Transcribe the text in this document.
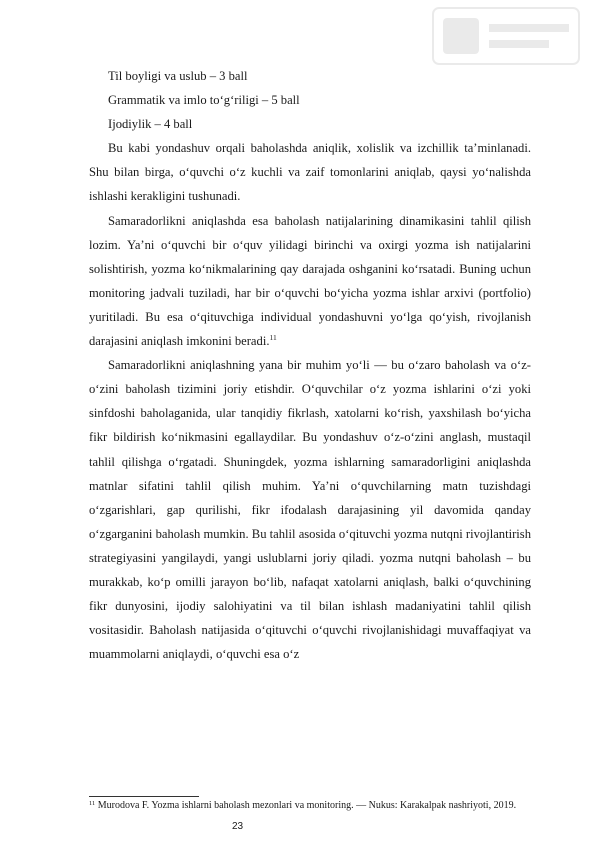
Til boyligi va uslub – 3 ball
Grammatik va imlo to‘g‘riligi – 5 ball
Ijodiylik – 4 ball

Bu kabi yondashuv orqali baholashda aniqlik, xolislik va izchillik ta’minlanadi. Shu bilan birga, o‘quvchi o‘z kuchli va zaif tomonlarini aniqlab, qaysi yo‘nalishda ishlashi kerakligini tushunadi.

Samaradorlikni aniqlashda esa baholash natijalarining dinamikasini tahlil qilish lozim. Ya’ni o‘quvchi bir o‘quv yilidagi birinchi va oxirgi yozma ish natijalarini solishtirish, yozma ko‘nikmalarining qay darajada oshganini ko‘rsatadi. Buning uchun monitoring jadvali tuziladi, har bir o‘quvchi bo‘yicha yozma ishlar arxivi (portfolio) yuritiladi. Bu esa o‘qituvchiga individual yondashuvni yo‘lga qo‘yish, rivojlanish darajasini aniqlash imkonini beradi.$^{11}$

Samaradorlikni aniqlashning yana bir muhim yo‘li — bu o‘zaro baholash va o‘z-o‘zini baholash tizimini joriy etishdir. O‘quvchilar o‘z yozma ishlarini o‘zi yoki sinfdoshi baholaganida, ular tanqidiy fikrlash, xatolarni ko‘rish, yaxshilash bo‘yicha fikr bildirish ko‘nikmasini egallaydilar. Bu yondashuv o‘z-o‘zini anglash, mustaqil tahlil qilishga o‘rgatadi. Shuningdek, yozma ishlarning samaradorligini aniqlashda matnlar sifatini tahlil qilish muhim. Ya’ni o‘quvchilarning matn tuzishdagi o‘zgarishlari, gap qurilishi, fikr ifodalash darajasining yil davomida qanday o‘zgarganini baholash mumkin. Bu tahlil asosida o‘qituvchi yozma nutqni rivojlantirish strategiyasini yangilaydi, yangi uslublarni joriy qiladi. yozma nutqni baholash – bu murakkab, ko‘p omilli jarayon bo‘lib, nafaqat xatolarni aniqlash, balki o‘quvchining fikr dunyosini, ijodiy salohiyatini va til bilan ishlash madaniyatini tahlil qilish vositasidir. Baholash natijasida o‘qituvchi o‘quvchi rivojlanishidagi muvaffaqiyat va muammolarni aniqlaydi, o‘quvchi esa o‘z

$^{11}$ Murodova F. Yozma ishlarni baholash mezonlari va monitoring. — Nukus: Karakalpak nashriyoti, 2019.
23
